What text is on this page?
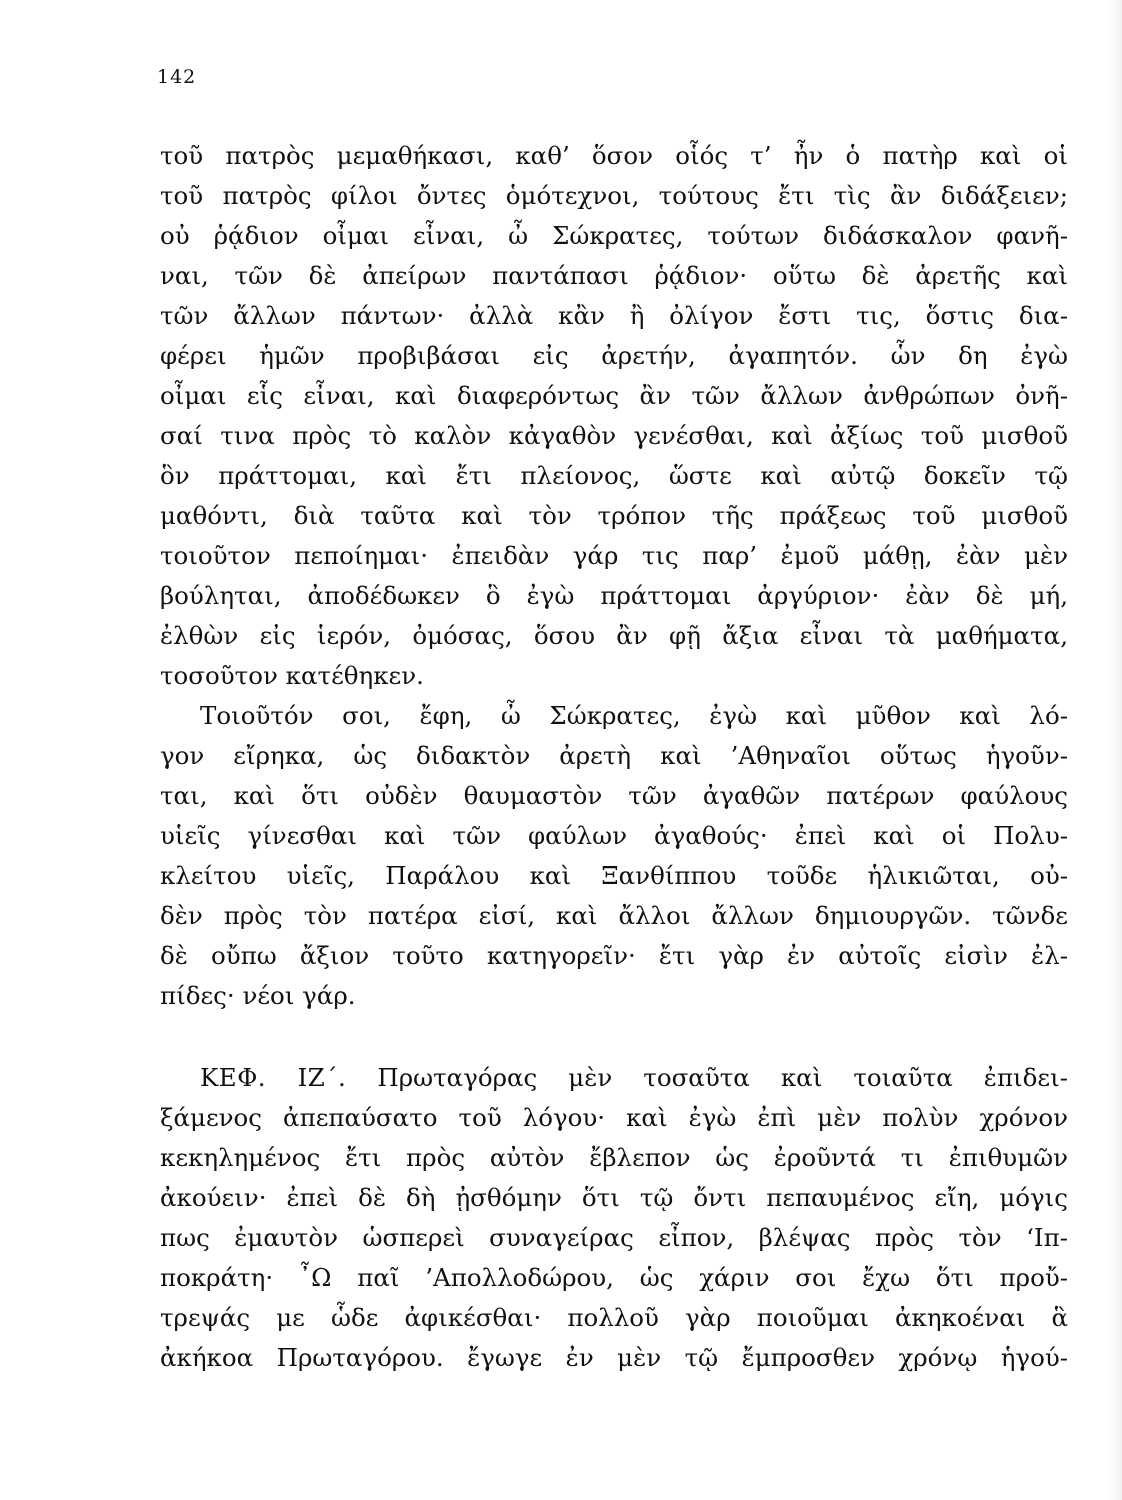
142
τοῦ πατρὸς μεμαθήκασι, καθ’ ὅσον οἷός τ’ ἦν ὁ πατὴρ καὶ οἱ
τοῦ πατρὸς φίλοι ὄντες ὁμότεχνοι, τούτους ἔτι τὶς ἂν διδάξειεν;
οὐ ῥᾴδιον οἶμαι εἶναι, ὦ Σώκρατες, τούτων διδάσκαλον φανῆ-
ναι, τῶν δὲ ἀπείρων παντάπασι ῥᾴδιον· οὕτω δὲ ἀρετῆς καὶ
τῶν ἄλλων πάντων· ἀλλὰ κἂν ἢ ὀλίγον ἔστι τις, ὅστις δια-
φέρει ἡμῶν προβιβάσαι εἰς ἀρετήν, ἀγαπητόν. ὧν δη ἐγὼ
οἶμαι εἷς εἶναι, καὶ διαφερόντως ἂν τῶν ἄλλων ἀνθρώπων ὀνῆ-
σαί τινα πρὸς τὸ καλὸν κἀγαθὸν γενέσθαι, καὶ ἀξίως τοῦ μισθοῦ
ὃν πράττομαι, καὶ ἔτι πλείονος, ὥστε καὶ αὐτῷ δοκεῖν τῷ
μαθόντι, διὰ ταῦτα καὶ τὸν τρόπον τῆς πράξεως τοῦ μισθοῦ
τοιοῦτον πεποίημαι· ἐπειδὰν γάρ τις παρ’ ἐμοῦ μάθῃ, ἐὰν μὲν
βούληται, ἀποδέδωκεν ὃ ἐγὼ πράττομαι ἀργύριον· ἐὰν δὲ μή,
ἐλθὼν εἰς ἱερόν, ὀμόσας, ὅσου ἂν φῇ ἄξια εἶναι τὰ μαθήματα,
τοσοῦτον κατέθηκεν.
Τοιοῦτόν σοι, ἔφη, ὦ Σώκρατες, ἐγὼ καὶ μῦθον καὶ λό-
γον εἴρηκα, ὡς διδακτὸν ἀρετὴ καὶ ’Αθηναῖοι οὕτως ἡγοῦν-
ται, καὶ ὅτι οὐδὲν θαυμαστὸν τῶν ἀγαθῶν πατέρων φαύλους
υἱεῖς γίνεσθαι καὶ τῶν φαύλων ἀγαθούς· ἐπεὶ καὶ οἱ Πολυ-
κλείτου υἱεῖς, Παράλου καὶ Ξανθίππου τοῦδε ἡλικιῶται, οὐ-
δὲν πρὸς τὸν πατέρα εἰσί, καὶ ἄλλοι ἄλλων δημιουργῶν. τῶνδε
δὲ οὔπω ἄξιον τοῦτο κατηγορεῖν· ἔτι γὰρ ἐν αὐτοῖς εἰσὶν ἐλ-
πίδες· νέοι γάρ.
ΚΕΦ. ΙΖ΄. Πρωταγόρας μὲν τοσαῦτα καὶ τοιαῦτα ἐπιδει-
ξάμενος ἀπεπαύσατο τοῦ λόγου· καὶ ἐγὼ ἐπὶ μὲν πολὺν χρόνον
κεκηλημένος ἔτι πρὸς αὐτὸν ἔβλεπον ὡς ἐροῦντά τι ἐπιθυμῶν
ἀκούειν· ἐπεὶ δὲ δὴ ᾐσθόμην ὅτι τῷ ὄντι πεπαυμένος εἴη, μόγις
πως ἐμαυτὸν ὡσπερεὶ συναγείρας εἶπον, βλέψας πρὸς τὸν ‘Ιπ-
ποκράτη· ῏Ω παῖ ’Απολλοδώρου, ὡς χάριν σοι ἔχω ὅτι προὔ-
τρεψάς με ὧδε ἀφικέσθαι· πολλοῦ γὰρ ποιοῦμαι ἀκηκοέναι ἃ
ἀκήκοα Πρωταγόρου. ἔγωγε ἐν μὲν τῷ ἔμπροσθεν χρόνῳ ἡγού-
